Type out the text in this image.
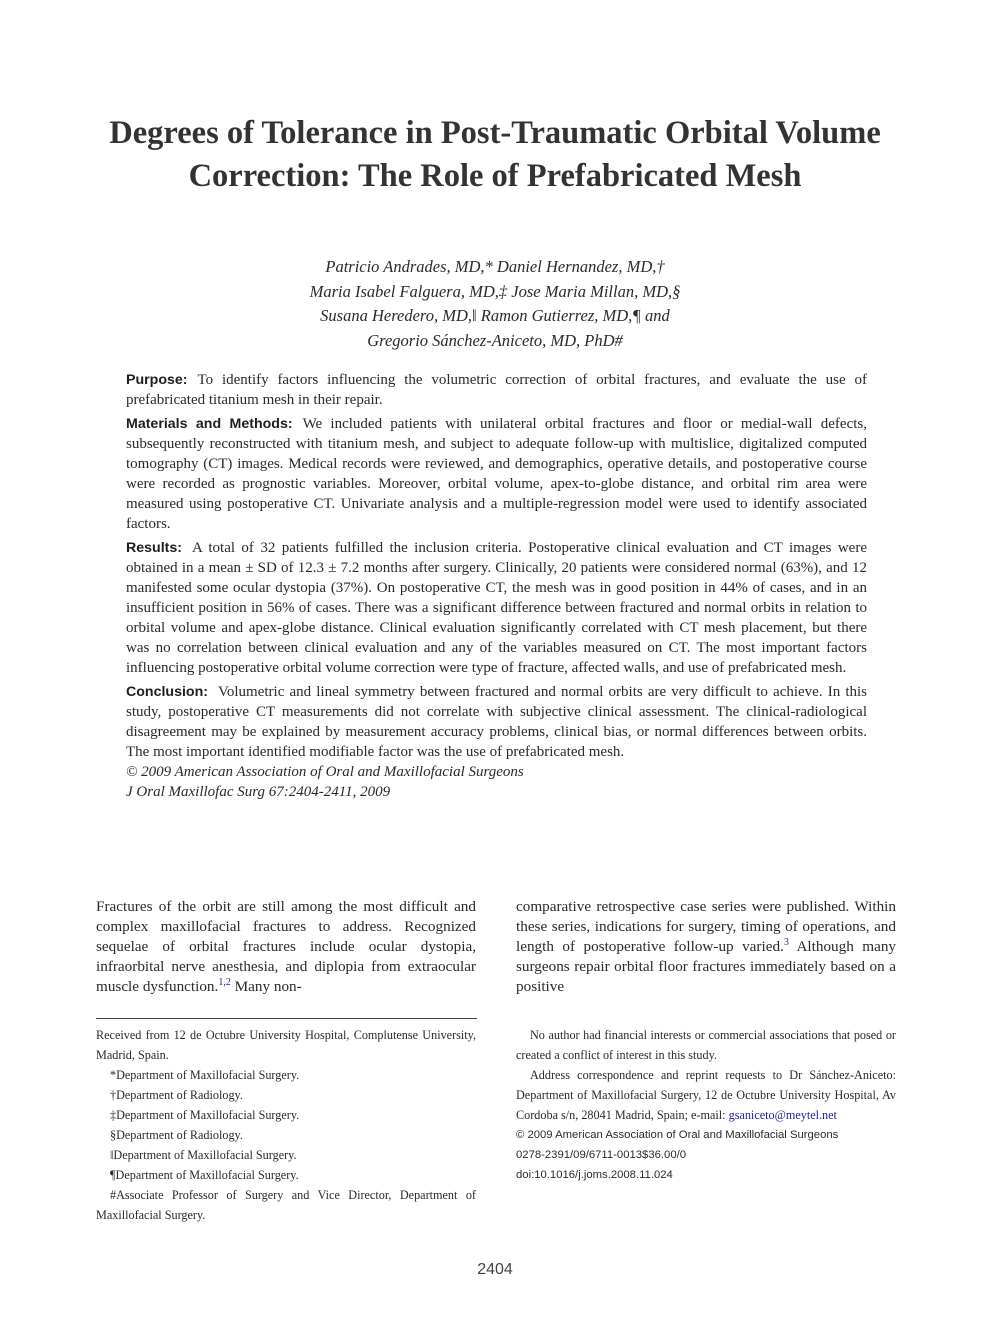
Degrees of Tolerance in Post-Traumatic Orbital Volume Correction: The Role of Prefabricated Mesh
Patricio Andrades, MD,* Daniel Hernandez, MD,†
Maria Isabel Falguera, MD,‡ Jose Maria Millan, MD,§
Susana Heredero, MD,‖ Ramon Gutierrez, MD,¶ and
Gregorio Sánchez-Aniceto, MD, PhD#

Purpose: To identify factors influencing the volumetric correction of orbital fractures, and evaluate the use of prefabricated titanium mesh in their repair.

Materials and Methods: We included patients with unilateral orbital fractures and floor or medial-wall defects, subsequently reconstructed with titanium mesh, and subject to adequate follow-up with multislice, digitalized computed tomography (CT) images. Medical records were reviewed, and demographics, operative details, and postoperative course were recorded as prognostic variables. Moreover, orbital volume, apex-to-globe distance, and orbital rim area were measured using postoperative CT. Univariate analysis and a multiple-regression model were used to identify associated factors.

Results: A total of 32 patients fulfilled the inclusion criteria. Postoperative clinical evaluation and CT images were obtained in a mean ± SD of 12.3 ± 7.2 months after surgery. Clinically, 20 patients were considered normal (63%), and 12 manifested some ocular dystopia (37%). On postoperative CT, the mesh was in good position in 44% of cases, and in an insufficient position in 56% of cases. There was a significant difference between fractured and normal orbits in relation to orbital volume and apex-globe distance. Clinical evaluation significantly correlated with CT mesh placement, but there was no correlation between clinical evaluation and any of the variables measured on CT. The most important factors influencing postoperative orbital volume correction were type of fracture, affected walls, and use of prefabricated mesh.

Conclusion: Volumetric and lineal symmetry between fractured and normal orbits are very difficult to achieve. In this study, postoperative CT measurements did not correlate with subjective clinical assessment. The clinical-radiological disagreement may be explained by measurement accuracy problems, clinical bias, or normal differences between orbits. The most important identified modifiable factor was the use of prefabricated mesh.

© 2009 American Association of Oral and Maxillofacial Surgeons
J Oral Maxillofac Surg 67:2404-2411, 2009

Fractures of the orbit are still among the most difficult and complex maxillofacial fractures to address. Recognized sequelae of orbital fractures include ocular dystopia, infraorbital nerve anesthesia, and diplopia from extraocular muscle dysfunction.$^{1,2}$ Many non-

comparative retrospective case series were published. Within these series, indications for surgery, timing of operations, and length of postoperative follow-up varied.$^3$ Although many surgeons repair orbital floor fractures immediately based on a positive

Received from 12 de Octubre University Hospital, Complutense University, Madrid, Spain.

*Department of Maxillofacial Surgery.

†Department of Radiology.

‡Department of Maxillofacial Surgery.

§Department of Radiology.

‖Department of Maxillofacial Surgery.

¶Department of Maxillofacial Surgery.

#Associate Professor of Surgery and Vice Director, Department of Maxillofacial Surgery.

No author had financial interests or commercial associations that posed or created a conflict of interest in this study.

Address correspondence and reprint requests to Dr Sánchez-Aniceto: Department of Maxillofacial Surgery, 12 de Octubre University Hospital, Av Cordoba s/n, 28041 Madrid, Spain; e-mail: gsaniceto@meytel.net

© 2009 American Association of Oral and Maxillofacial Surgeons

0278-2391/09/6711-0013$36.00/0

doi:10.1016/j.joms.2008.11.024

2404
